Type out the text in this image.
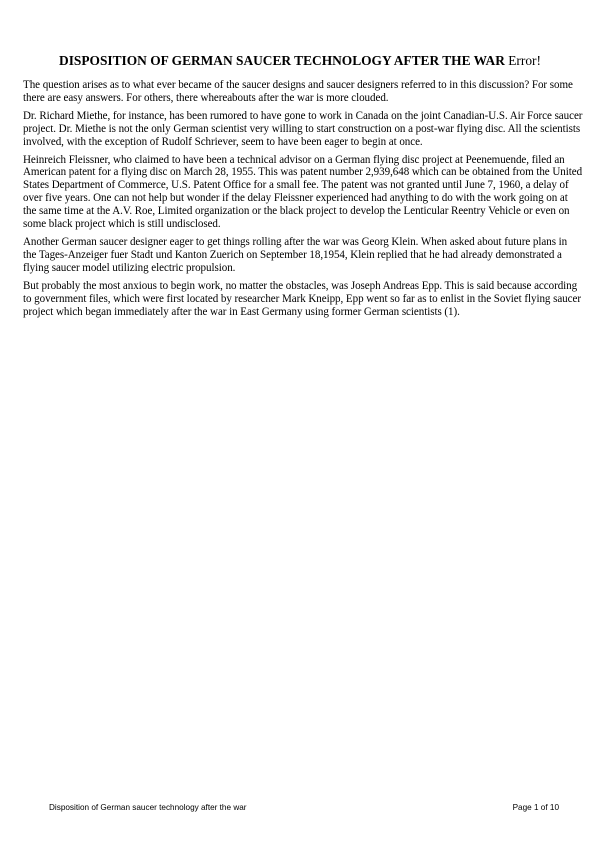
DISPOSITION OF GERMAN SAUCER TECHNOLOGY AFTER THE WAR Error!

The question arises as to what ever became of the saucer designs and saucer designers referred to in this discussion? For some there are easy answers. For others, there whereabouts after the war is more clouded.

Dr. Richard Miethe, for instance, has been rumored to have gone to work in Canada on the joint Canadian-U.S. Air Force saucer project. Dr. Miethe is not the only German scientist very willing to start construction on a post-war flying disc. All the scientists involved, with the exception of Rudolf Schriever, seem to have been eager to begin at once.

Heinreich Fleissner, who claimed to have been a technical advisor on a German flying disc project at Peenemuende, filed an American patent for a flying disc on March 28, 1955. This was patent number 2,939,648 which can be obtained from the United States Department of Commerce, U.S. Patent Office for a small fee. The patent was not granted until June 7, 1960, a delay of over five years. One can not help but wonder if the delay Fleissner experienced had anything to do with the work going on at the same time at the A.V. Roe, Limited organization or the black project to develop the Lenticular Reentry Vehicle or even on some black project which is still undisclosed.

Another German saucer designer eager to get things rolling after the war was Georg Klein. When asked about future plans in the Tages-Anzeiger fuer Stadt und Kanton Zuerich on September 18,1954, Klein replied that he had already demonstrated a flying saucer model utilizing electric propulsion.

But probably the most anxious to begin work, no matter the obstacles, was Joseph Andreas Epp. This is said because according to government files, which were first located by researcher Mark Kneipp, Epp went so far as to enlist in the Soviet flying saucer project which began immediately after the war in East Germany using former German scientists (1).

Disposition of German saucer technology after the war	Page 1 of 10
